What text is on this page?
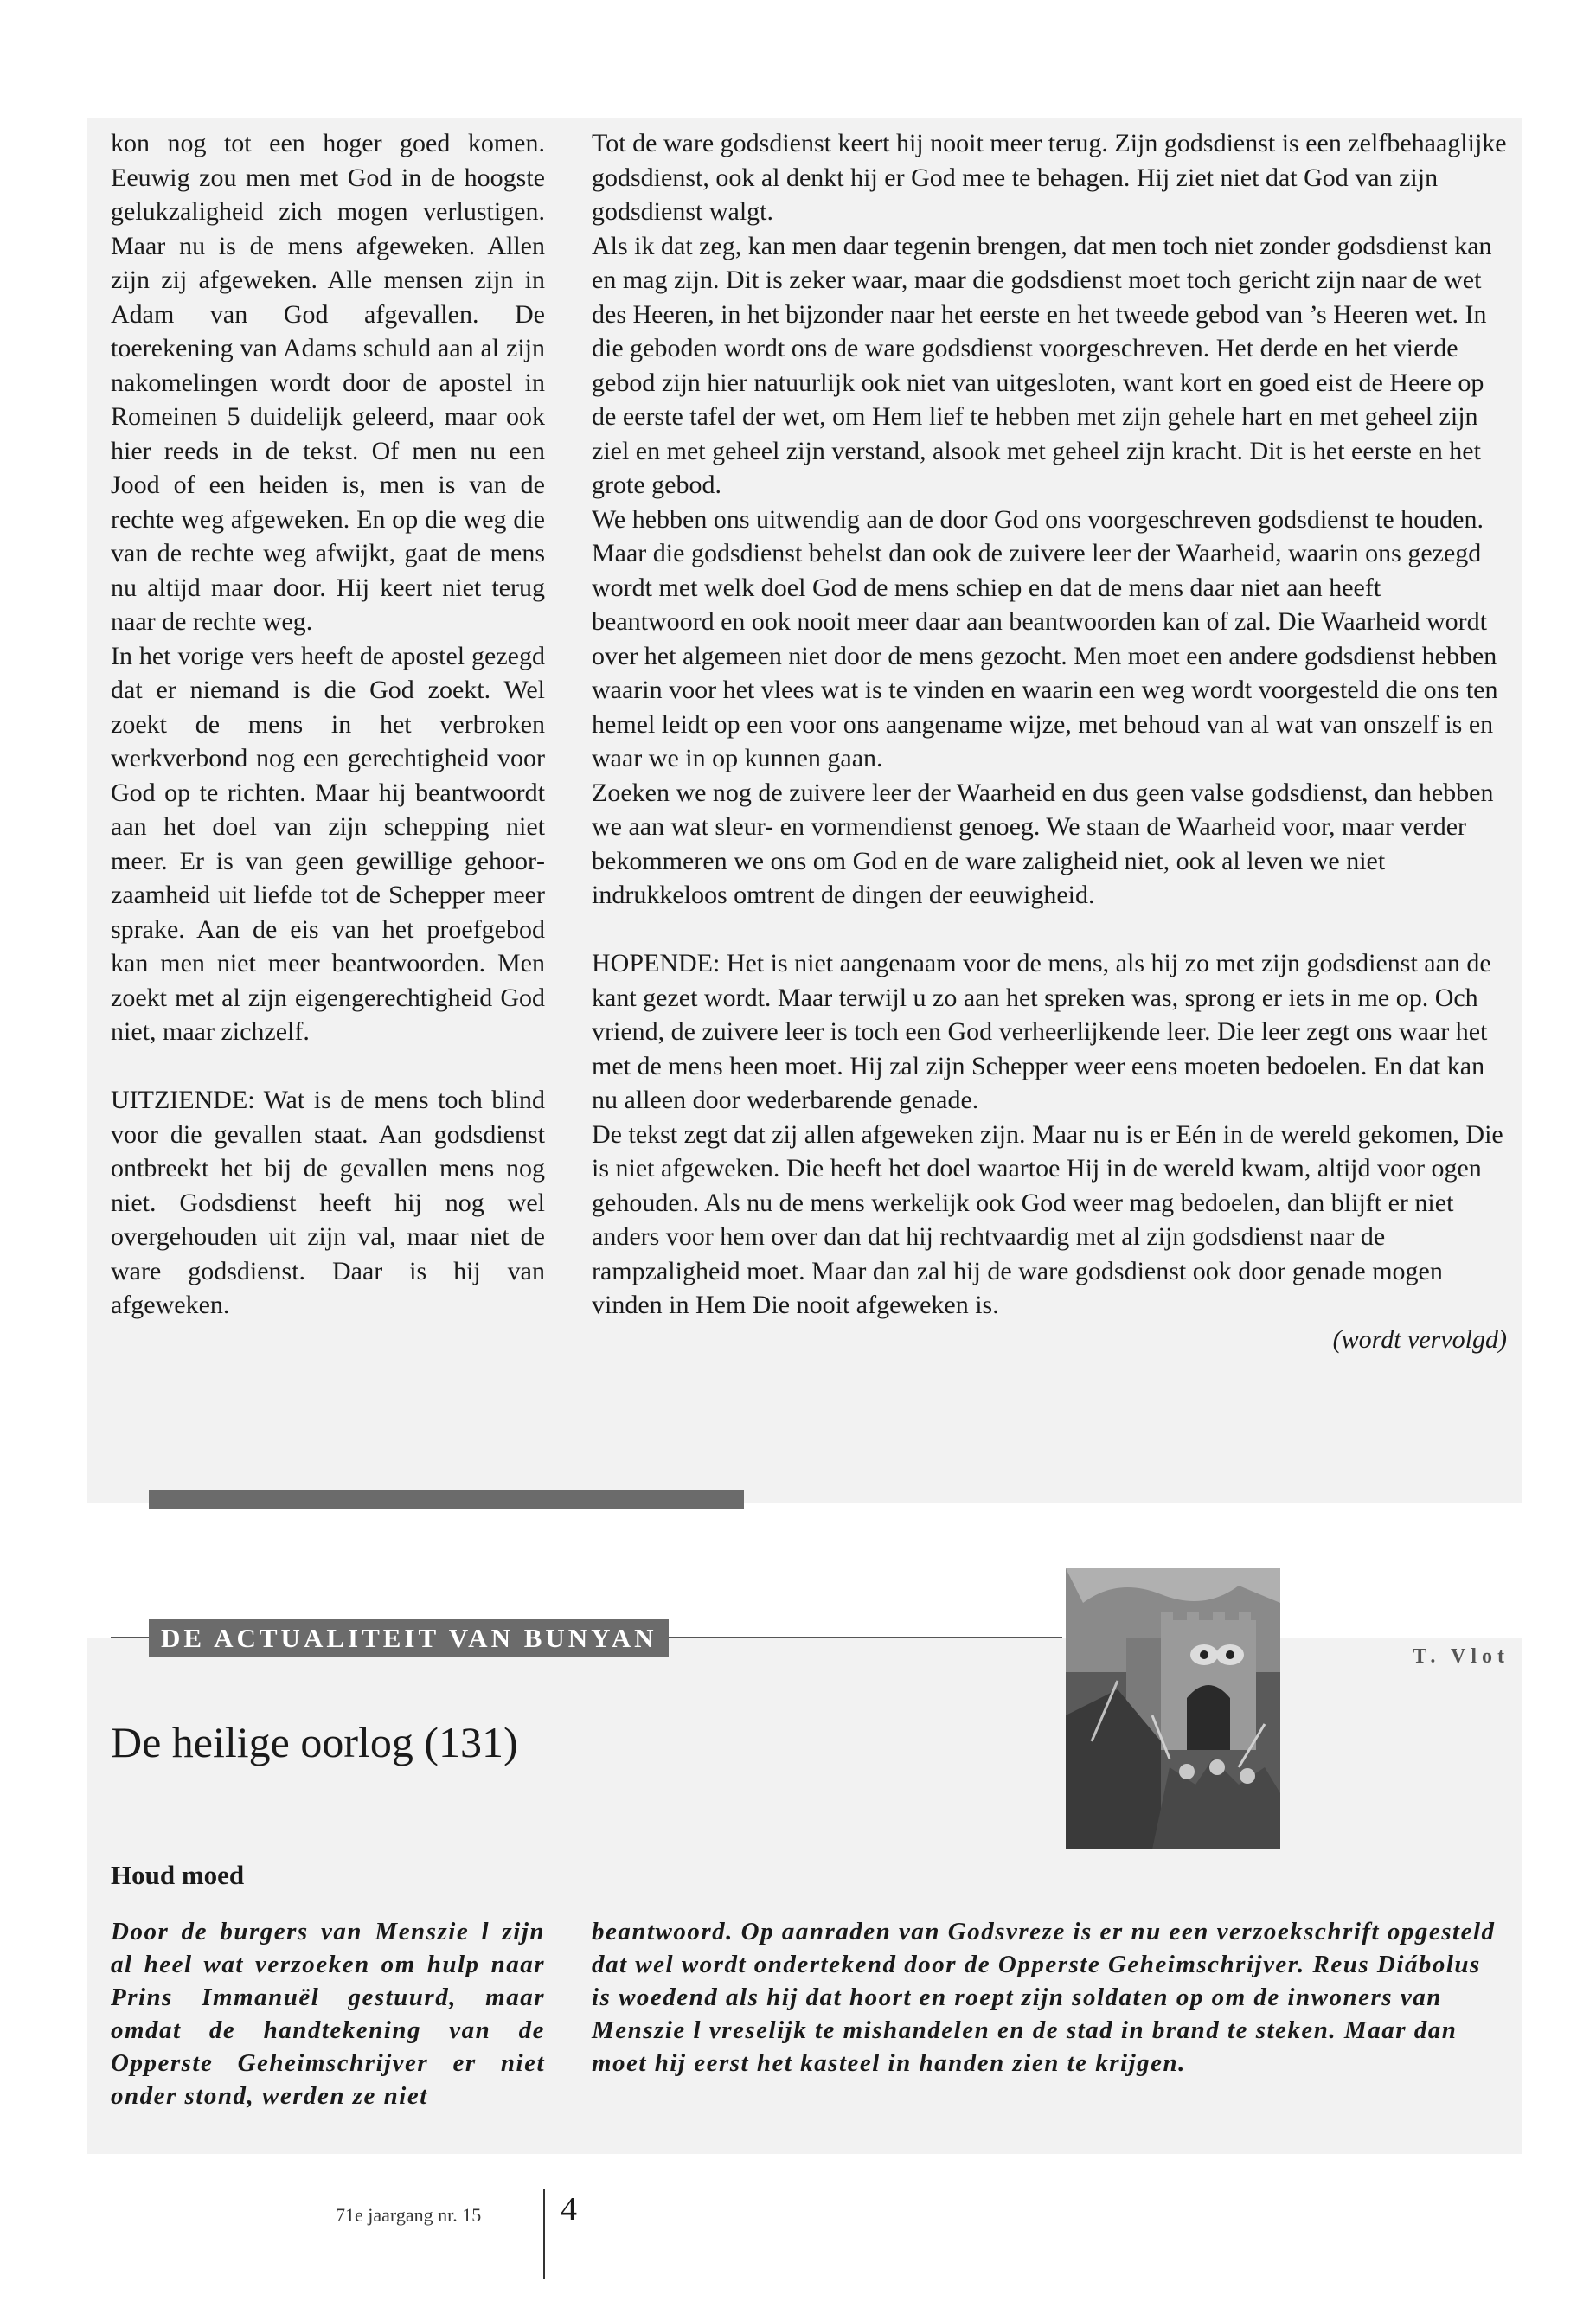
kon nog tot een hoger goed komen. Eeuwig zou men met God in de hoogste gelukzaligheid zich mogen verlustigen. Maar nu is de mens afgeweken. Allen zijn zij afgeweken. Alle mensen zijn in Adam van God afgevallen. De toerekening van Adams schuld aan al zijn nakomelingen wordt door de apostel in Romeinen 5 duidelijk geleerd, maar ook hier reeds in de tekst. Of men nu een Jood of een heiden is, men is van de rechte weg afgeweken. En op die weg die van de rechte weg afwijkt, gaat de mens nu altijd maar door. Hij keert niet terug naar de rechte weg.

In het vorige vers heeft de apostel gezegd dat er niemand is die God zoekt. Wel zoekt de mens in het verbroken werkverbond nog een gerechtigheid voor God op te richten. Maar hij beantwoordt aan het doel van zijn schepping niet meer. Er is van geen gewillige gehoorzaamheid uit liefde tot de Schepper meer sprake. Aan de eis van het proefgebod kan men niet meer beantwoorden. Men zoekt met al zijn eigengerechtigheid God niet, maar zichzelf.

UITZIENDE: Wat is de mens toch blind voor die gevallen staat. Aan godsdienst ontbreekt het bij de gevallen mens nog niet. Godsdienst heeft hij nog wel overgehouden uit zijn val, maar niet de ware godsdienst. Daar is hij van afgeweken.

Tot de ware godsdienst keert hij nooit meer terug. Zijn godsdienst is een zelfbehaaglijke godsdienst, ook al denkt hij er God mee te behagen. Hij ziet niet dat God van zijn godsdienst walgt.

Als ik dat zeg, kan men daar tegenin brengen, dat men toch niet zonder godsdienst kan en mag zijn. Dit is zeker waar, maar die godsdienst moet toch gericht zijn naar de wet des Heeren, in het bijzonder naar het eerste en het tweede gebod van ’s Heeren wet. In die geboden wordt ons de ware godsdienst voorgeschreven. Het derde en het vierde gebod zijn hier natuurlijk ook niet van uitgesloten, want kort en goed eist de Heere op de eerste tafel der wet, om Hem lief te hebben met zijn gehele hart en met geheel zijn ziel en met geheel zijn verstand, alsook met geheel zijn kracht. Dit is het eerste en het grote gebod.

We hebben ons uitwendig aan de door God ons voorgeschreven godsdienst te houden. Maar die godsdienst behelst dan ook de zuivere leer der Waarheid, waarin ons gezegd wordt met welk doel God de mens schiep en dat de mens daar niet aan heeft beantwoord en ook nooit meer daar aan beantwoorden kan of zal. Die Waarheid wordt over het algemeen niet door de mens gezocht. Men moet een andere godsdienst hebben waarin voor het vlees wat is te vinden en waarin een weg wordt voorgesteld die ons ten hemel leidt op een voor ons aangename wijze, met behoud van al wat van onszelf is en waar we in op kunnen gaan.

Zoeken we nog de zuivere leer der Waarheid en dus geen valse godsdienst, dan hebben we aan wat sleur- en vormendienst genoeg. We staan de Waarheid voor, maar verder bekommeren we ons om God en de ware zaligheid niet, ook al leven we niet indrukkeloos omtrent de dingen der eeuwigheid.

HOPENDE: Het is niet aangenaam voor de mens, als hij zo met zijn godsdienst aan de kant gezet wordt. Maar terwijl u zo aan het spreken was, sprong er iets in me op. Och vriend, de zuivere leer is toch een God verheerlijkende leer. Die leer zegt ons waar het met de mens heen moet. Hij zal zijn Schepper weer eens moeten bedoelen. En dat kan nu alleen door wederbarende genade.

De tekst zegt dat zij allen afgeweken zijn. Maar nu is er Eén in de wereld gekomen, Die is niet afgeweken. Die heeft het doel waartoe Hij in de wereld kwam, altijd voor ogen gehouden. Als nu de mens werkelijk ook God weer mag bedoelen, dan blijft er niet anders voor hem over dan dat hij rechtvaardig met al zijn godsdienst naar de rampzaligheid moet. Maar dan zal hij de ware godsdienst ook door genade mogen vinden in Hem Die nooit afgeweken is.

(wordt vervolgd)

DE ACTUALITEIT VAN BUNYAN
T. Vlot
De heilige oorlog (131)
Houd moed
Door de burgers van Menszie l zijn al heel wat verzoeken om hulp naar Prins Immanuël gestuurd, maar omdat de handtekening van de Opperste Geheimschrijver er niet onder stond, werden ze niet
beantwoord. Op aanraden van Godsvreze is er nu een verzoekschrift opgesteld dat wel wordt ondertekend door de Opperste Geheimschrijver. Reus Diábolus is woedend als hij dat hoort en roept zijn soldaten op om de inwoners van Menszie l vreselijk te mishandelen en de stad in brand te steken. Maar dan moet hij eerst het kasteel in handen zien te krijgen.
71e jaargang nr. 15 4
